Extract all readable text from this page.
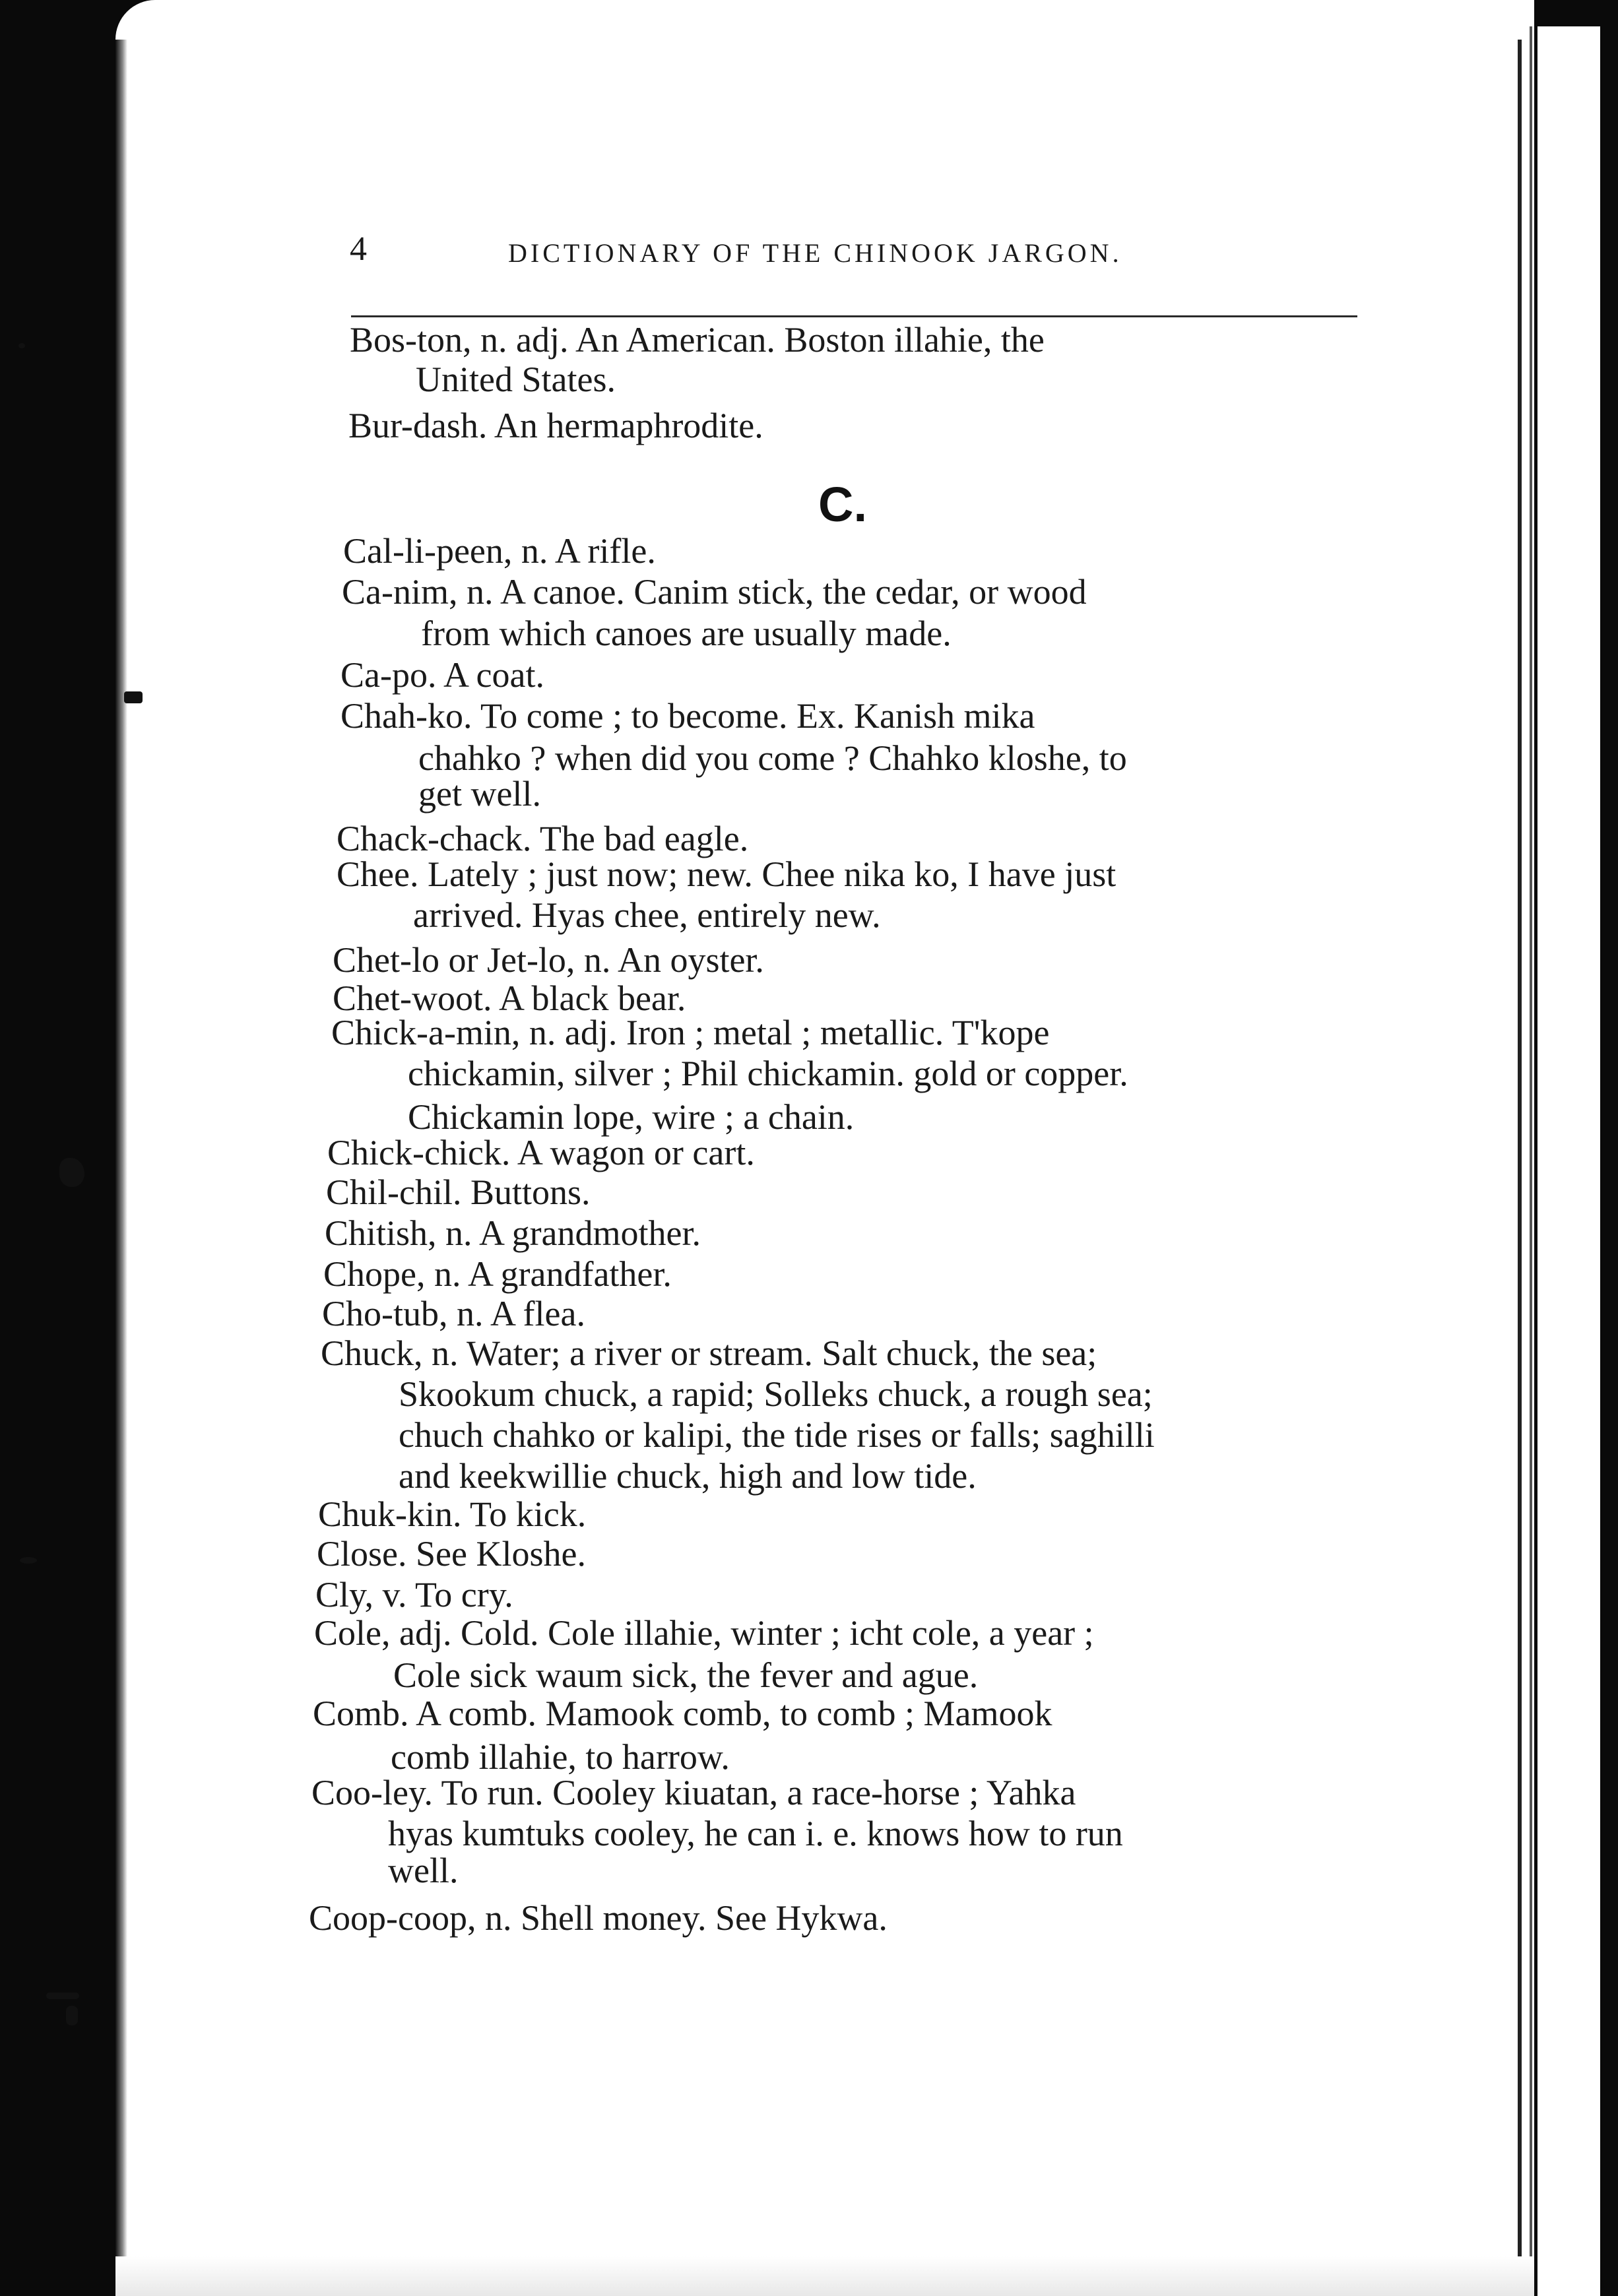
4	DICTIONARY OF THE CHINOOK JARGON.
C.
Bos-ton, n. adj. An American. Boston illahie, the
United States.
Bur-dash. An hermaphrodite.
Cal-li-peen, n. A rifle.
Ca-nim, n. A canoe. Canim stick, the cedar, or wood
from which canoes are usually made.
Ca-po. A coat.
Chah-ko. To come ; to become. Ex. Kanish mika
chahko ? when did you come ? Chahko kloshe, to
get well.
Chack-chack. The bad eagle.
Chee. Lately ; just now; new. Chee nika ko, I have just
arrived. Hyas chee, entirely new.
Chet-lo or Jet-lo, n. An oyster.
Chet-woot. A black bear.
Chick-a-min, n. adj. Iron ; metal ; metallic. T'kope
chickamin, silver ; Phil chickamin. gold or copper.
Chickamin lope, wire ; a chain.
Chick-chick. A wagon or cart.
Chil-chil. Buttons.
Chitish, n. A grandmother.
Chope, n. A grandfather.
Cho-tub, n. A flea.
Chuck, n. Water; a river or stream. Salt chuck, the sea;
Skookum chuck, a rapid; Solleks chuck, a rough sea;
chuch chahko or kalipi, the tide rises or falls; saghilli
and keekwillie chuck, high and low tide.
Chuk-kin. To kick.
Close. See Kloshe.
Cly, v. To cry.
Cole, adj. Cold. Cole illahie, winter ; icht cole, a year ;
Cole sick waum sick, the fever and ague.
Comb. A comb. Mamook comb, to comb ; Mamook
comb illahie, to harrow.
Coo-ley. To run. Cooley kiuatan, a race-horse ; Yahka
hyas kumtuks cooley, he can i. e. knows how to run
well.
Coop-coop, n. Shell money. See Hykwa.
